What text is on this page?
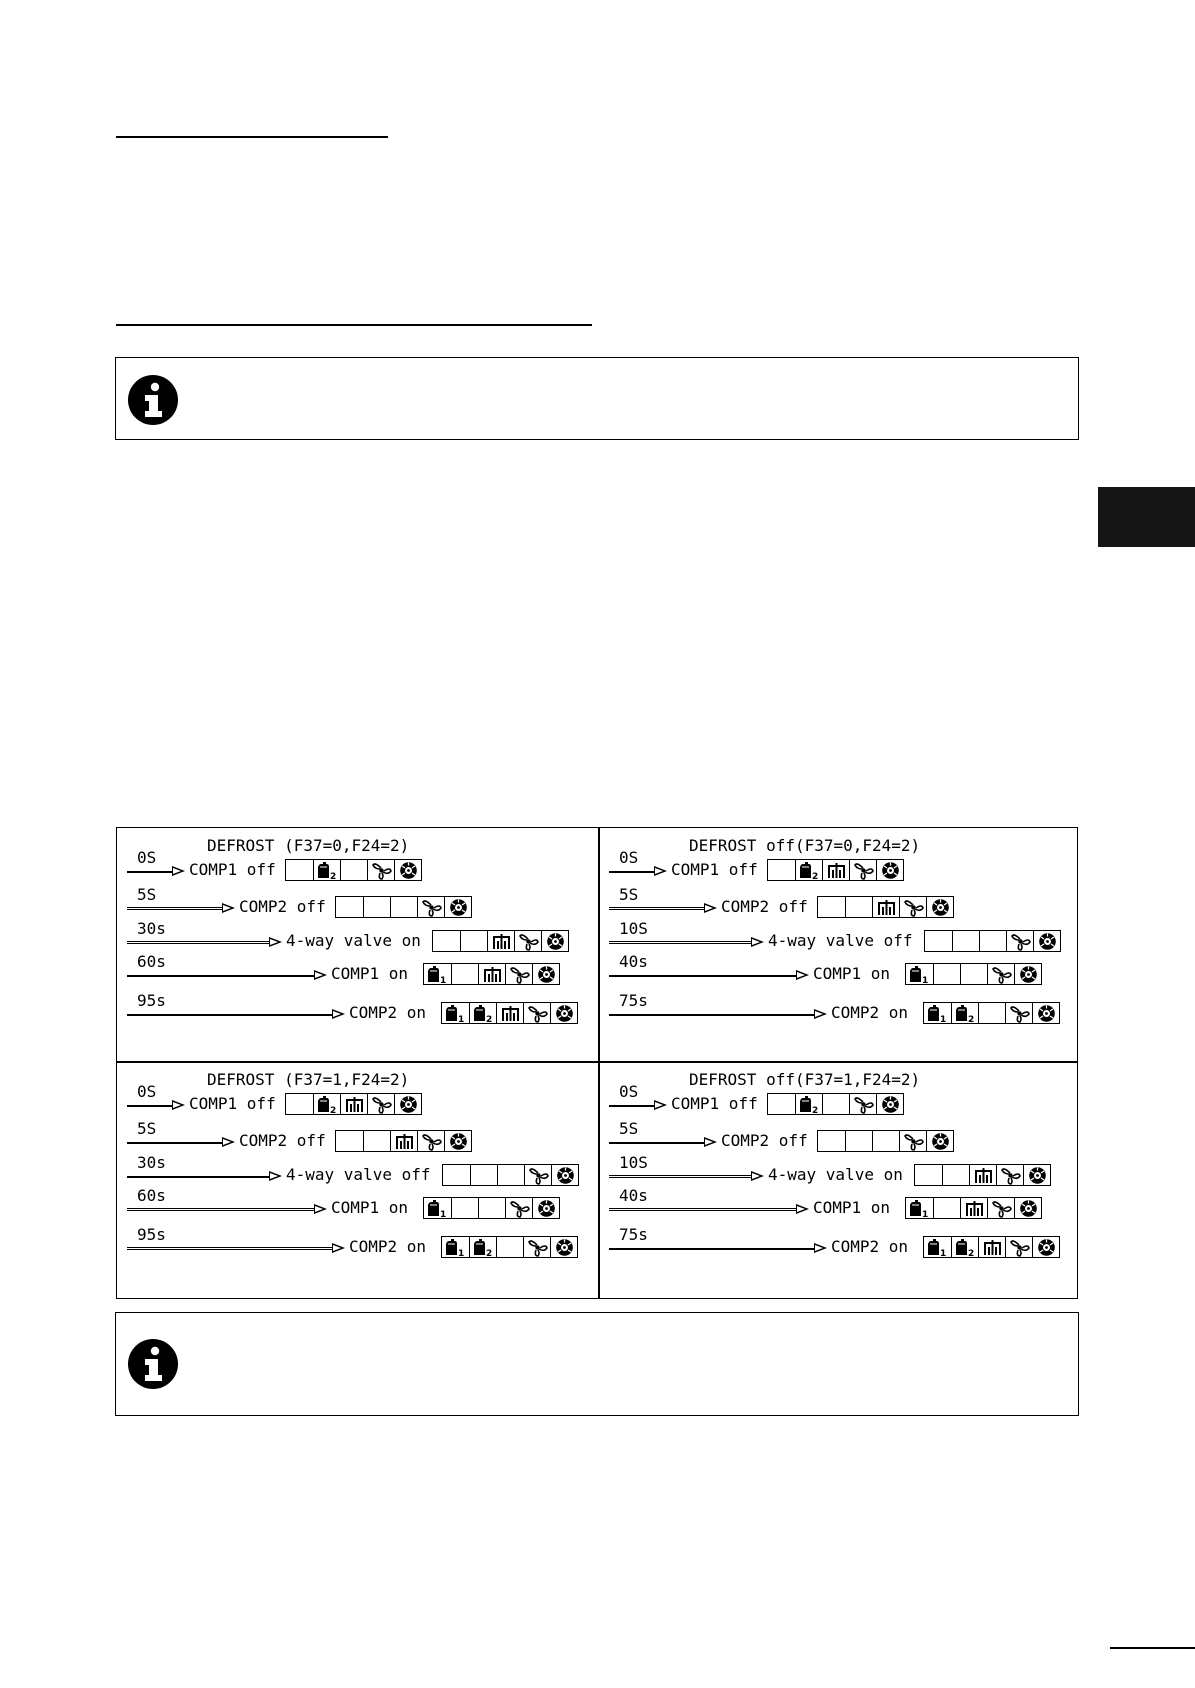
DEFROST (F37=0,F24=2)
0S
COMP1 off	2
5S
COMP2 off
30s
4-way valve on
60s
COMP1 on	1
95s
COMP2 on	1 2
DEFROST off(F37=0,F24=2)
0S
COMP1 off	2
5S
COMP2 off
10S
4-way valve off
40s
COMP1 on	1
75s
COMP2 on	1 2
DEFROST (F37=1,F24=2)
0S
COMP1 off	2
5S
COMP2 off
30s
4-way valve off
60s
COMP1 on	1
95s
COMP2 on	1 2
DEFROST off(F37=1,F24=2)
0S
COMP1 off	2
5S
COMP2 off
10S
4-way valve on
40s
COMP1 on	1
75s
COMP2 on	1 2
